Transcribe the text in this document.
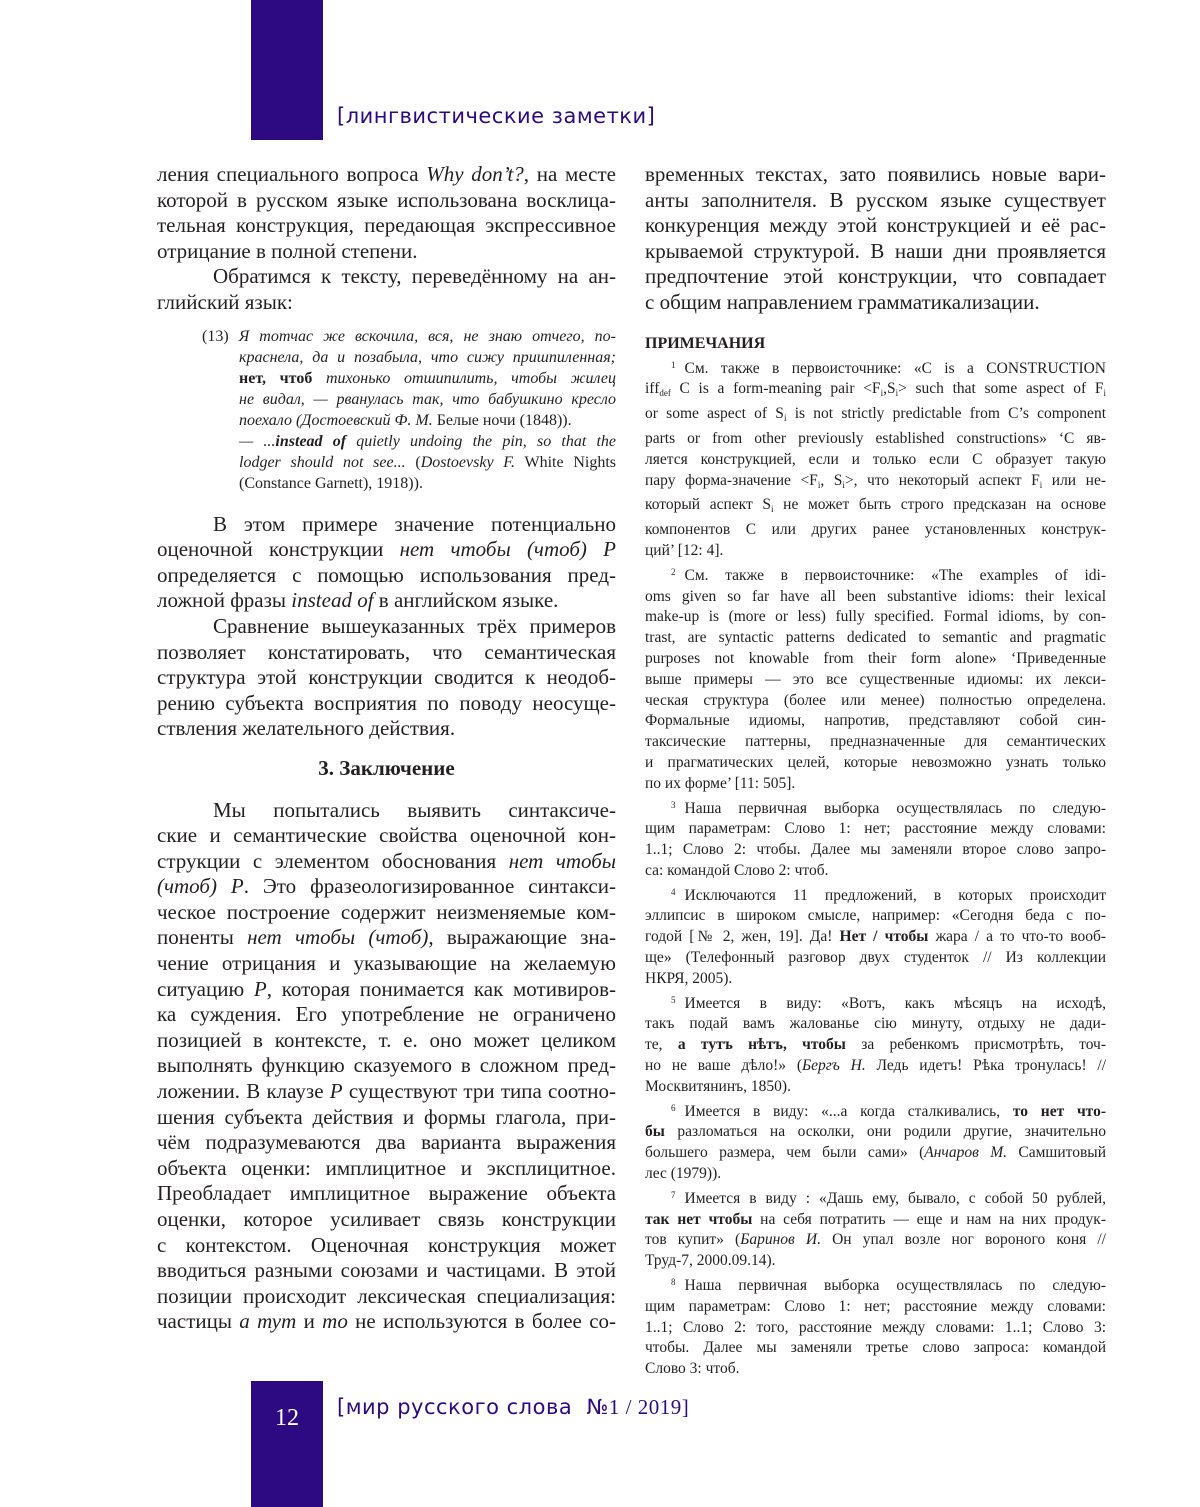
[лингвистические заметки]
ления специального вопроса Why don’t?, на месте
которой в русском языке использована восклица-
тельная конструкция, передающая экспрессивное
отрицание в полной степени.
Обратимся к тексту, переведённому на ан-
глийский язык:
(13) Я тотчас же вскочила, вся, не знаю отчего, по-
краснела, да и позабыла, что сижу пришпиленная;
нет, чтоб тихонько отшипилить, чтобы жилец
не видал, — рванулась так, что бабушкино кресло
поехало (Достоевский Ф. М. Белые ночи (1848)).
— ...instead of quietly undoing the pin, so that the
lodger should not see... (Dostoevsky F. White Nights
(Constance Garnett), 1918)).
В этом примере значение потенциально
оценочной конструкции нет чтобы (чтоб) P
определяется с помощью использования пред-
ложной фразы instead of в английском языке.
Сравнение вышеуказанных трёх примеров
позволяет констатировать, что семантическая
структура этой конструкции сводится к неодоб-
рению субъекта восприятия по поводу неосуще-
ствления желательного действия.
3. Заключение
Мы попытались выявить синтаксиче-
ские и семантические свойства оценочной кон-
струкции с элементом обоснования нет чтобы
(чтоб) P. Это фразеологизированное синтакси-
ческое построение содержит неизменяемые ком-
поненты нет чтобы (чтоб), выражающие зна-
чение отрицания и указывающие на желаемую
ситуацию P, которая понимается как мотивиров-
ка суждения. Его употребление не ограничено
позицией в контексте, т. е. оно может целиком
выполнять функцию сказуемого в сложном пред-
ложении. В клаузе P существуют три типа соотно-
шения субъекта действия и формы глагола, при-
чём подразумеваются два варианта выражения
объекта оценки: имплицитное и эксплицитное.
Преобладает имплицитное выражение объекта
оценки, которое усиливает связь конструкции
с контекстом. Оценочная конструкция может
вводиться разными союзами и частицами. В этой
позиции происходит лексическая специализация:
частицы а тут и то не используются в более со-
временных текстах, зато появились новые вари-
анты заполнителя. В русском языке существует
конкуренция между этой конструкцией и её рас-
крываемой структурой. В наши дни проявляется
предпочтение этой конструкции, что совпадает
с общим направлением грамматикализации.
ПРИМЕЧАНИЯ
$^1$ См. также в первоисточнике: «C is a CONSTRUCTION
iff$_{def}$ C is a form-meaning pair $<F_i,S_i>$ such that some aspect of $F_i$
or some aspect of $S_i$ is not strictly predictable from C’s component
parts or from other previously established constructions» ‘С яв-
ляется конструкцией, если и только если С образует такую
пару форма-значение $<F_i$, $S_i>$, что некоторый аспект $F_i$ или не-
который аспект $S_i$ не может быть строго предсказан на основе
компонентов С или других ранее установленных конструк-
ций’ [12: 4].
$^2$ См. также в первоисточнике: «The examples of idi-
oms given so far have all been substantive idioms: their lexical
make-up is (more or less) fully specified. Formal idioms, by con-
trast, are syntactic patterns dedicated to semantic and pragmatic
purposes not knowable from their form alone» ‘Приведенные
выше примеры — это все существенные идиомы: их лекси-
ческая структура (более или менее) полностью определена.
Формальные идиомы, напротив, представляют собой син-
таксические паттерны, предназначенные для семантических
и прагматических целей, которые невозможно узнать только
по их форме’ [11: 505].
$^3$ Наша первичная выборка осуществлялась по следую-
щим параметрам: Слово 1: нет; расстояние между словами:
1..1; Слово 2: чтобы. Далее мы заменяли второе слово запро-
са: командой Слово 2: чтоб.
$^4$ Исключаются 11 предложений, в которых происходит
эллипсис в широком смысле, например: «Сегодня беда с по-
годой [№ 2, жен, 19]. Да! Нет / чтобы жара / а то что-то вооб-
ще» (Телефонный разговор двух студенток // Из коллекции
НКРЯ, 2005).
$^5$ Имеется в виду: «Вотъ, какъ мѣсяцъ на исходѣ,
такъ подай вамъ жалованье сію минуту, отдыху не дади-
те, а тутъ нѣтъ, чтобы за ребенкомъ присмотрѣть, точ-
но не ваше дѣло!» (Бергъ Н. Ледь идетъ! Рѣка тронулась! //
Москвитянинъ, 1850).
$^6$ Имеется в виду: «...а когда сталкивались, то нет что-
бы разломаться на осколки, они родили другие, значительно
большего размера, чем были сами» (Анчаров М. Самшитовый
лес (1979)).
$^7$ Имеется в виду : «Дашь ему, бывало, с собой 50 рублей,
так нет чтобы на себя потратить — еще и нам на них продук-
тов купит» (Баринов И. Он упал возле ног вороного коня //
Труд-7, 2000.09.14).
$^8$ Наша первичная выборка осуществлялась по следую-
щим параметрам: Слово 1: нет; расстояние между словами:
1..1; Слово 2: того, расстояние между словами: 1..1; Слово 3:
чтобы. Далее мы заменяли третье слово запроса: командой
Слово 3: чтоб.
12	[мир русского слова  №1 / 2019]
